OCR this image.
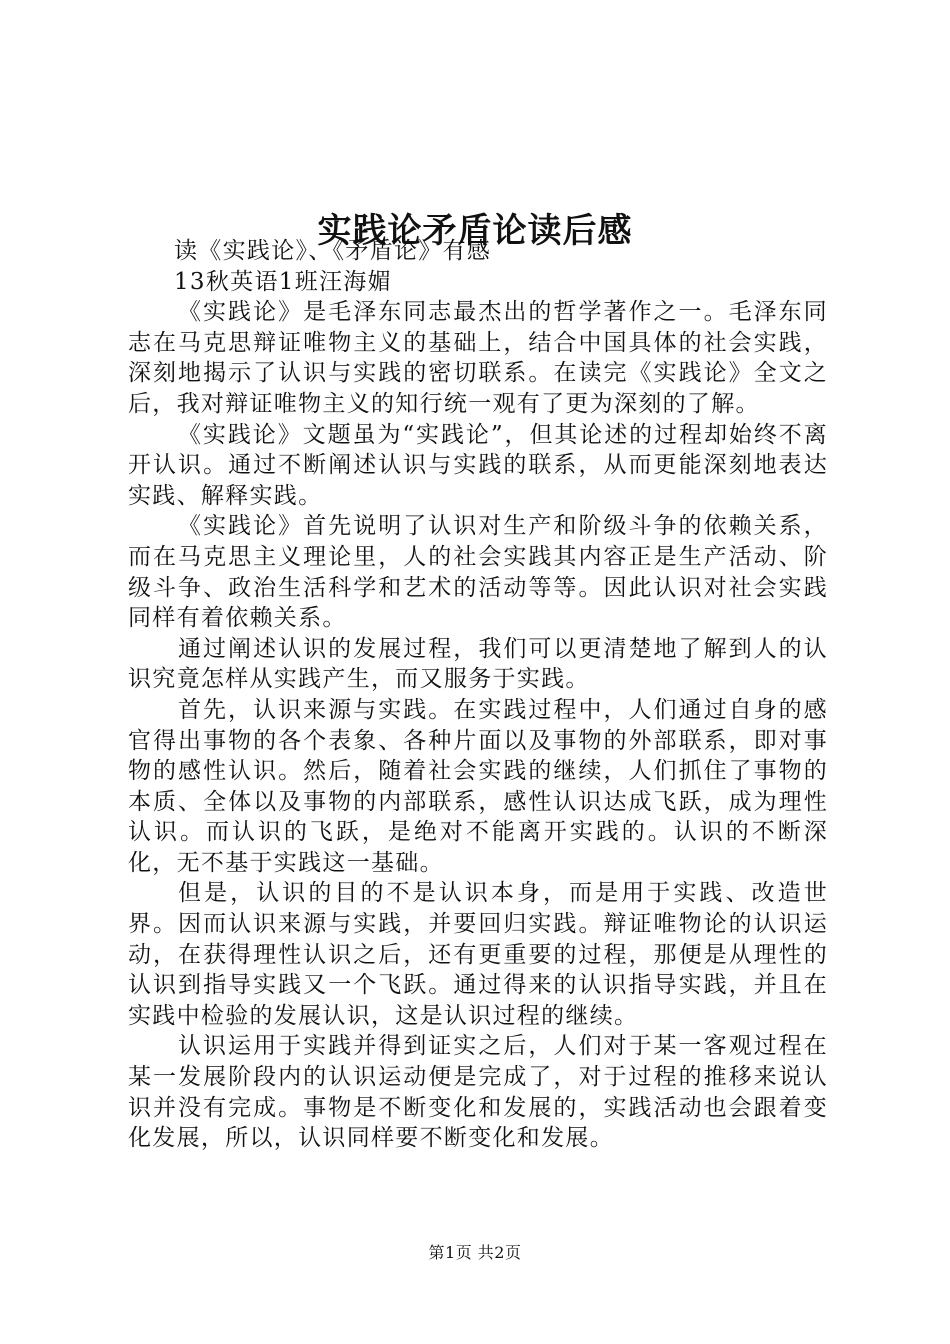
实践论矛盾论读后感

读《实践论》、《矛盾论》有感

13秋英语1班汪海媚

《实践论》是毛泽东同志最杰出的哲学著作之一。毛泽东同志在马克思辩证唯物主义的基础上，结合中国具体的社会实践，深刻地揭示了认识与实践的密切联系。在读完《实践论》全文之后，我对辩证唯物主义的知行统一观有了更为深刻的了解。

《实践论》文题虽为“实践论”，但其论述的过程却始终不离开认识。通过不断阐述认识与实践的联系，从而更能深刻地表达实践、解释实践。

《实践论》首先说明了认识对生产和阶级斗争的依赖关系，而在马克思主义理论里，人的社会实践其内容正是生产活动、阶级斗争、政治生活科学和艺术的活动等等。因此认识对社会实践同样有着依赖关系。

通过阐述认识的发展过程，我们可以更清楚地了解到人的认识究竟怎样从实践产生，而又服务于实践。

首先，认识来源与实践。在实践过程中，人们通过自身的感官得出事物的各个表象、各种片面以及事物的外部联系，即对事物的感性认识。然后，随着社会实践的继续，人们抓住了事物的本质、全体以及事物的内部联系，感性认识达成飞跃，成为理性认识。而认识的飞跃，是绝对不能离开实践的。认识的不断深化，无不基于实践这一基础。

但是，认识的目的不是认识本身，而是用于实践、改造世界。因而认识来源与实践，并要回归实践。辩证唯物论的认识运动，在获得理性认识之后，还有更重要的过程，那便是从理性的认识到指导实践又一个飞跃。通过得来的认识指导实践，并且在实践中检验的发展认识，这是认识过程的继续。

认识运用于实践并得到证实之后，人们对于某一客观过程在某一发展阶段内的认识运动便是完成了，对于过程的推移来说认识并没有完成。事物是不断变化和发展的，实践活动也会跟着变化发展，所以，认识同样要不断变化和发展。

第1页 共2页
